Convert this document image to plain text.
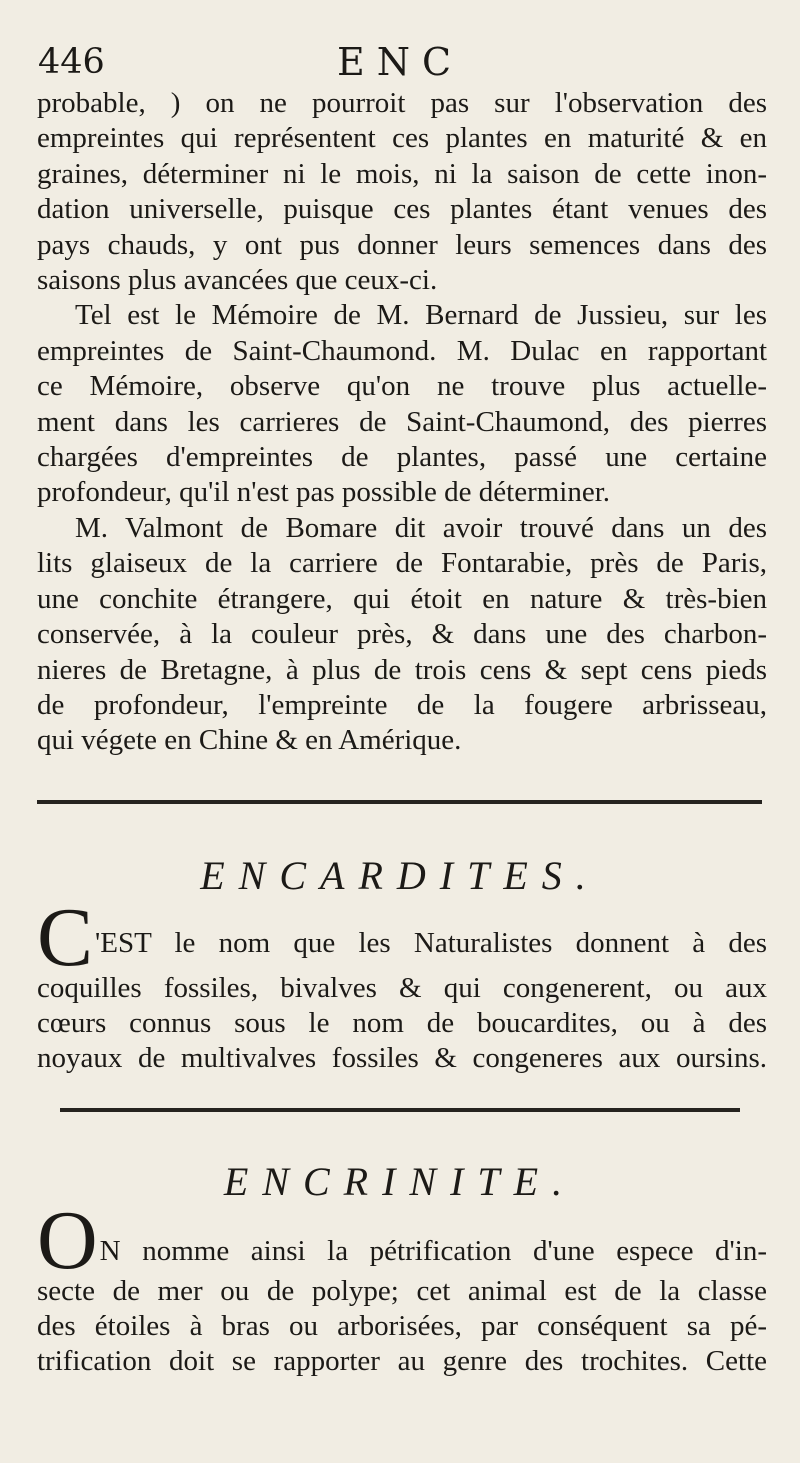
446	ENC
probable, ) on ne pourroit pas sur l'observation des
empreintes qui représentent ces plantes en maturité & en
graines, déterminer ni le mois, ni la saison de cette inon-
dation universelle, puisque ces plantes étant venues des
pays chauds, y ont pus donner leurs semences dans des
saisons plus avancées que ceux-ci.
Tel est le Mémoire de M. Bernard de Jussieu, sur les
empreintes de Saint-Chaumond. M. Dulac en rapportant
ce Mémoire, observe qu'on ne trouve plus actuelle-
ment dans les carrieres de Saint-Chaumond, des pierres
chargées d'empreintes de plantes, passé une certaine
profondeur, qu'il n'est pas possible de déterminer.
M. Valmont de Bomare dit avoir trouvé dans un des
lits glaiseux de la carriere de Fontarabie, près de Paris,
une conchite étrangere, qui étoit en nature & très-bien
conservée, à la couleur près, & dans une des charbon-
nieres de Bretagne, à plus de trois cens & sept cens pieds
de profondeur, l'empreinte de la fougere arbrisseau,
qui végete en Chine & en Amérique.
ENCARDITES.
C 'EST le nom que les Naturalistes donnent à des
coquilles fossiles, bivalves & qui congenerent, ou aux
cœurs connus sous le nom de boucardites, ou à des
noyaux de multivalves fossiles & congeneres aux oursins.
ENCRINITE.
O N nomme ainsi la pétrification d'une espece d'in-
secte de mer ou de polype; cet animal est de la classe
des étoiles à bras ou arborisées, par conséquent sa pé-
trification doit se rapporter au genre des trochites. Cette
